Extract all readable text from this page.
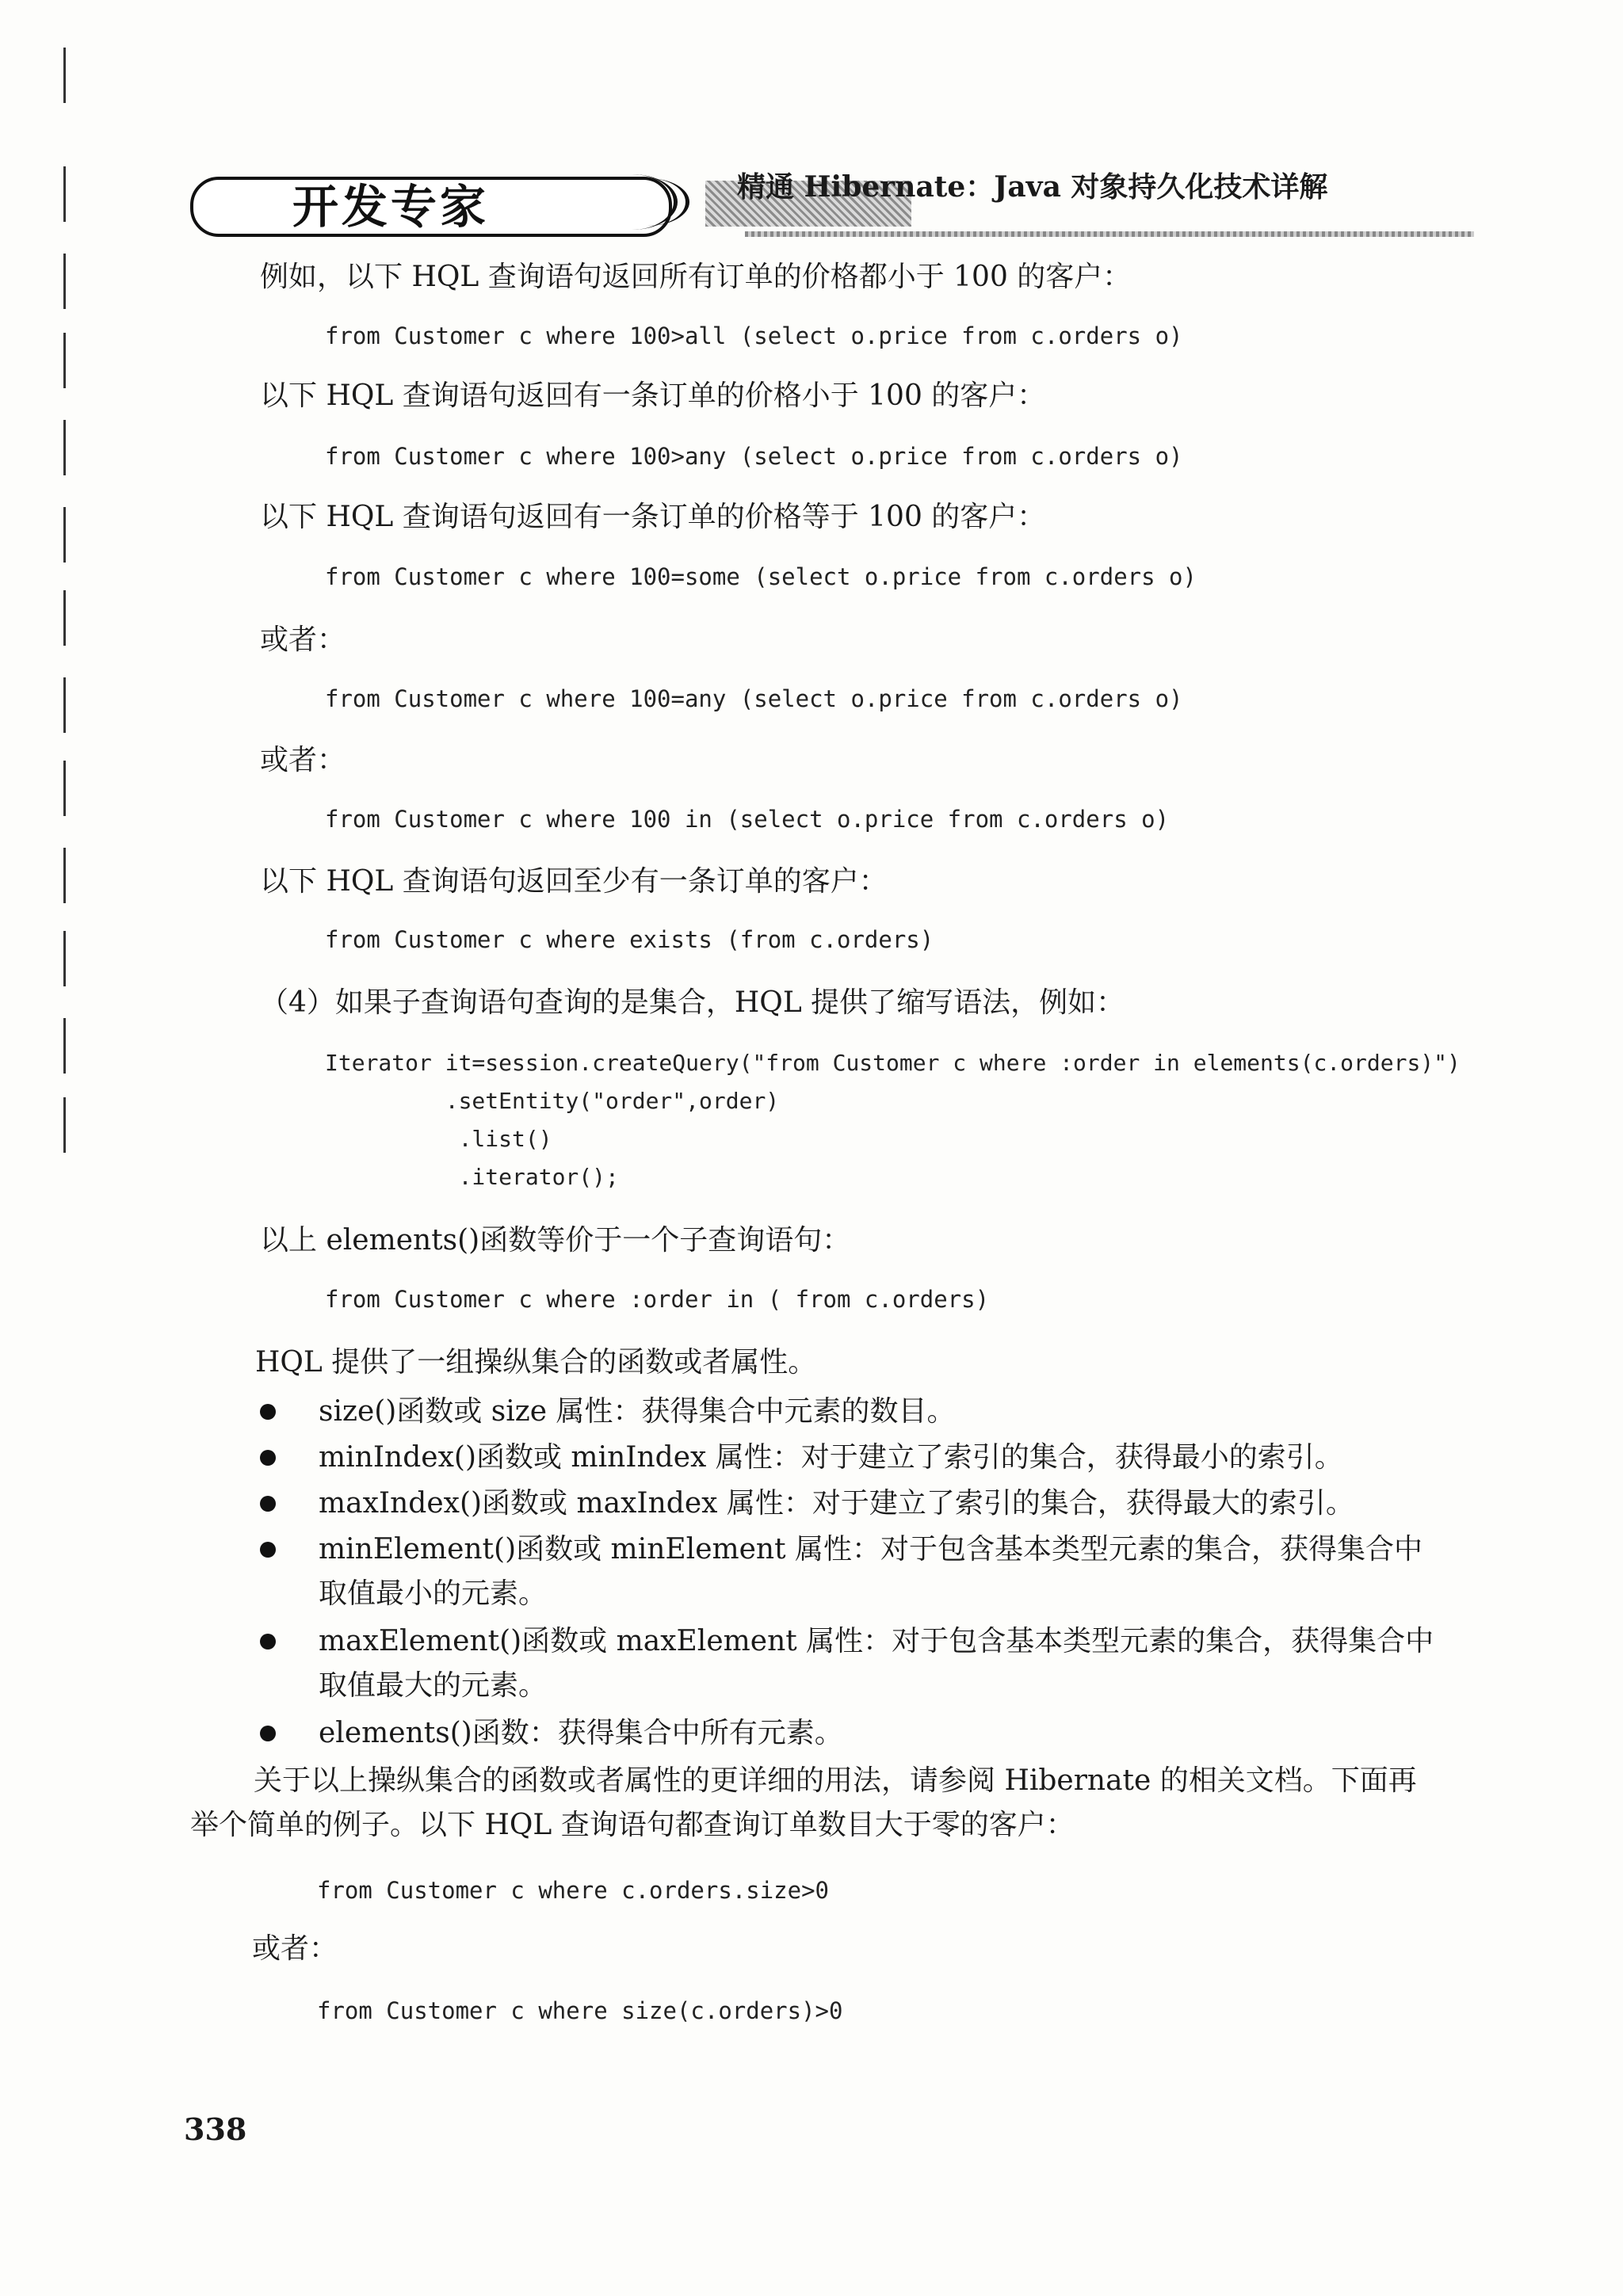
开发专家	精通 Hibernate：Java 对象持久化技术详解
例如，以下 HQL 查询语句返回所有订单的价格都小于 100 的客户：
from Customer c where 100>all (select o.price from c.orders o)
以下 HQL 查询语句返回有一条订单的价格小于 100 的客户：
from Customer c where 100>any (select o.price from c.orders o)
以下 HQL 查询语句返回有一条订单的价格等于 100 的客户：
from Customer c where 100=some (select o.price from c.orders o)
或者：
from Customer c where 100=any (select o.price from c.orders o)
或者：
from Customer c where 100 in (select o.price from c.orders o)
以下 HQL 查询语句返回至少有一条订单的客户：
from Customer c where exists (from c.orders)
（4）如果子查询语句查询的是集合，HQL 提供了缩写语法，例如：
Iterator it=session.createQuery("from Customer c where :order in elements(c.orders)")
.setEntity("order",order)
.list()
.iterator();
以上 elements()函数等价于一个子查询语句：
from Customer c where :order in ( from c.orders)
HQL 提供了一组操纵集合的函数或者属性。
size()函数或 size 属性：获得集合中元素的数目。
minIndex()函数或 minIndex 属性：对于建立了索引的集合，获得最小的索引。
maxIndex()函数或 maxIndex 属性：对于建立了索引的集合，获得最大的索引。
minElement()函数或 minElement 属性：对于包含基本类型元素的集合，获得集合中取值最小的元素。
maxElement()函数或 maxElement 属性：对于包含基本类型元素的集合，获得集合中取值最大的元素。
elements()函数：获得集合中所有元素。
关于以上操纵集合的函数或者属性的更详细的用法，请参阅 Hibernate 的相关文档。下面再举个简单的例子。以下 HQL 查询语句都查询订单数目大于零的客户：
from Customer c where c.orders.size>0
或者：
from Customer c where size(c.orders)>0
338
